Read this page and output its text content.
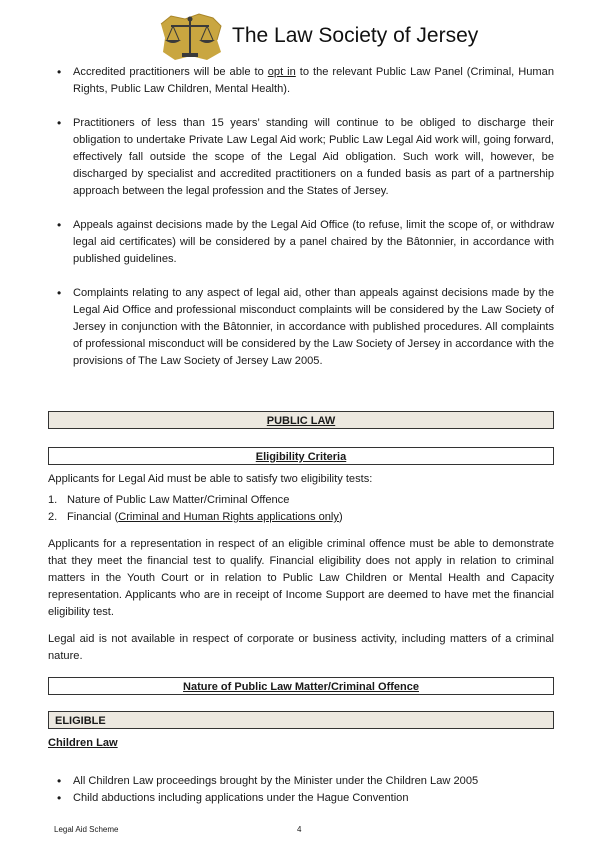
The Law Society of Jersey
• Accredited practitioners will be able to opt in to the relevant Public Law Panel (Criminal, Human Rights, Public Law Children, Mental Health).
• Practitioners of less than 15 years’ standing will continue to be obliged to discharge their obligation to undertake Private Law Legal Aid work; Public Law Legal Aid work will, going forward, effectively fall outside the scope of the Legal Aid obligation. Such work will, however, be discharged by specialist and accredited practitioners on a funded basis as part of a partnership approach between the legal profession and the States of Jersey.
• Appeals against decisions made by the Legal Aid Office (to refuse, limit the scope of, or withdraw legal aid certificates) will be considered by a panel chaired by the Bâtonnier, in accordance with published guidelines.
• Complaints relating to any aspect of legal aid, other than appeals against decisions made by the Legal Aid Office and professional misconduct complaints will be considered by the Law Society of Jersey in conjunction with the Bâtonnier, in accordance with published procedures. All complaints of professional misconduct will be considered by the Law Society of Jersey in accordance with the provisions of The Law Society of Jersey Law 2005.
PUBLIC LAW
Eligibility Criteria

Applicants for Legal Aid must be able to satisfy two eligibility tests:

1. Nature of Public Law Matter/Criminal Offence
2. Financial (Criminal and Human Rights applications only)

Applicants for a representation in respect of an eligible criminal offence must be able to demonstrate that they meet the financial test to qualify. Financial eligibility does not apply in relation to criminal matters in the Youth Court or in relation to Public Law Children or Mental Health and Capacity representation. Applicants who are in receipt of Income Support are deemed to have met the financial eligibility test.

Legal aid is not available in respect of corporate or business activity, including matters of a criminal nature.

Nature of Public Law Matter/Criminal Offence
ELIGIBLE
Children Law
• All Children Law proceedings brought by the Minister under the Children Law 2005
• Child abductions including applications under the Hague Convention
Legal Aid Scheme	4
